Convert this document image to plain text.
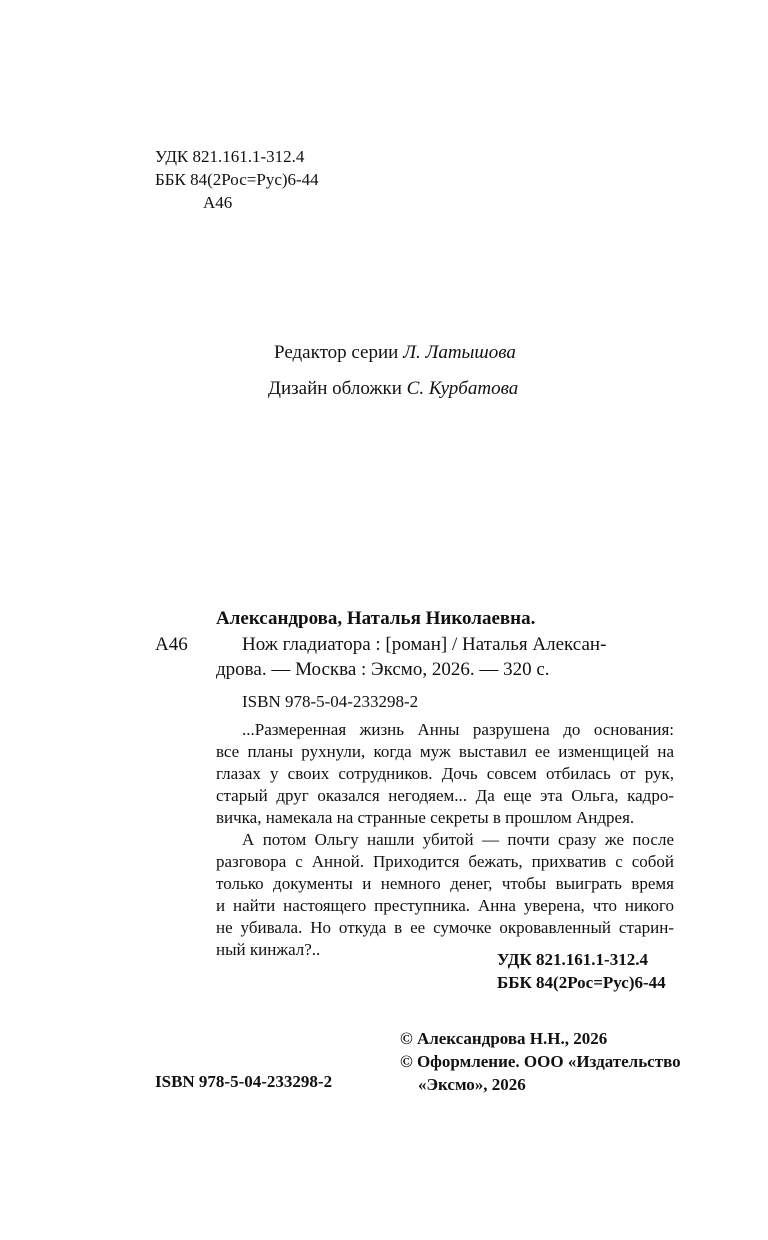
УДК 821.161.1-312.4
ББК 84(2Рос=Рус)6-44
А46
Редактор серии Л. Латышова
Дизайн обложки С. Курбатова
Александрова, Наталья Николаевна.
А46	Нож гладиатора : [роман] / Наталья Алексан-
дрова. — Москва : Эксмо, 2026. — 320 с.
ISBN 978-5-04-233298-2
...Размеренная жизнь Анны разрушена до основания:
все планы рухнули, когда муж выставил ее изменщицей на
глазах у своих сотрудников. Дочь совсем отбилась от рук,
старый друг оказался негодяем... Да еще эта Ольга, кадро-
вичка, намекала на странные секреты в прошлом Андрея.
А потом Ольгу нашли убитой — почти сразу же после
разговора с Анной. Приходится бежать, прихватив с собой
только документы и немного денег, чтобы выиграть время
и найти настоящего преступника. Анна уверена, что никого
не убивала. Но откуда в ее сумочке окровавленный старин-
ный кинжал?..
УДК 821.161.1-312.4
ББК 84(2Рос=Рус)6-44
ISBN 978-5-04-233298-2
© Александрова Н.Н., 2026
© Оформление. ООО «Издательство
«Эксмо», 2026
